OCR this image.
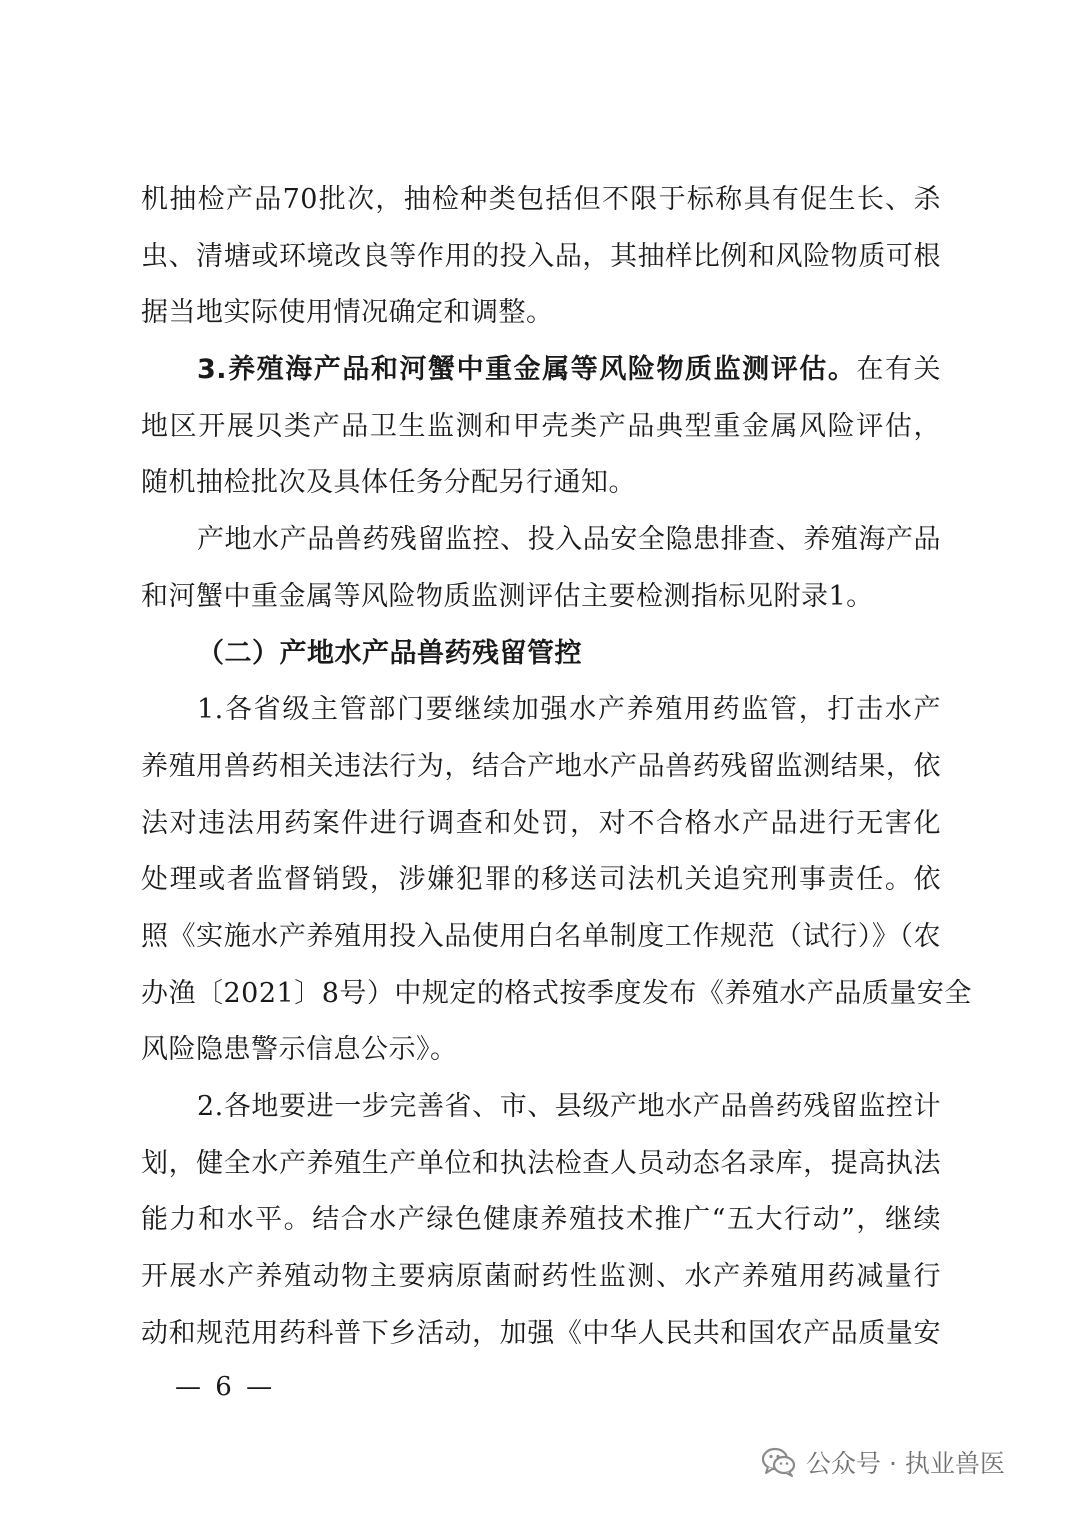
机抽检产品70批次，抽检种类包括但不限于标称具有促生长、杀
虫、清塘或环境改良等作用的投入品，其抽样比例和风险物质可根
据当地实际使用情况确定和调整。
3.养殖海产品和河蟹中重金属等风险物质监测评估。在有关
地区开展贝类产品卫生监测和甲壳类产品典型重金属风险评估，
随机抽检批次及具体任务分配另行通知。
产地水产品兽药残留监控、投入品安全隐患排查、养殖海产品
和河蟹中重金属等风险物质监测评估主要检测指标见附录1。
（二）产地水产品兽药残留管控
1.各省级主管部门要继续加强水产养殖用药监管，打击水产
养殖用兽药相关违法行为，结合产地水产品兽药残留监测结果，依
法对违法用药案件进行调查和处罚，对不合格水产品进行无害化
处理或者监督销毁，涉嫌犯罪的移送司法机关追究刑事责任。依
照《实施水产养殖用投入品使用白名单制度工作规范（试行）》（农
办渔〔2021〕8号）中规定的格式按季度发布《养殖水产品质量安全
风险隐患警示信息公示》。
2.各地要进一步完善省、市、县级产地水产品兽药残留监控计
划，健全水产养殖生产单位和执法检查人员动态名录库，提高执法
能力和水平。结合水产绿色健康养殖技术推广“五大行动”，继续
开展水产养殖动物主要病原菌耐药性监测、水产养殖用药减量行
动和规范用药科普下乡活动，加强《中华人民共和国农产品质量安
— 6 —
公众号 · 执业兽医
